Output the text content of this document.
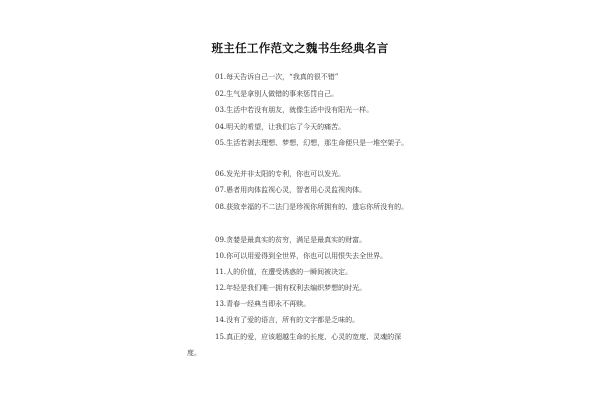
班主任工作范文之魏书生经典名言

01.每天告诉自己一次，“我真的很不错”

02.生气是拿别人做错的事来惩罚自己。

03.生活中若没有朋友，就像生活中没有阳光一样。

04.明天的希望，让我们忘了今天的痛苦。

05.生活若剥去理想、梦想、幻想，那生命便只是一堆空架子。

06.发光并非太阳的专利，你也可以发光。

07.愚者用肉体监视心灵，智者用心灵监视肉体。

08.获致幸福的不二法门是珍视你所拥有的、遗忘你所没有的。

09.贪婪是最真实的贫穷，满足是最真实的财富。

10.你可以用爱得到全世界，你也可以用恨失去全世界。

11.人的价值，在遭受诱惑的一瞬间被决定。

12.年轻是我们唯一拥有权利去编织梦想的时光。

13.青春一经典当即永不再赎。

14.没有了爱的语言，所有的文字都是乏味的。

15.真正的爱，应该超越生命的长度、心灵的宽度、灵魂的深

度。
